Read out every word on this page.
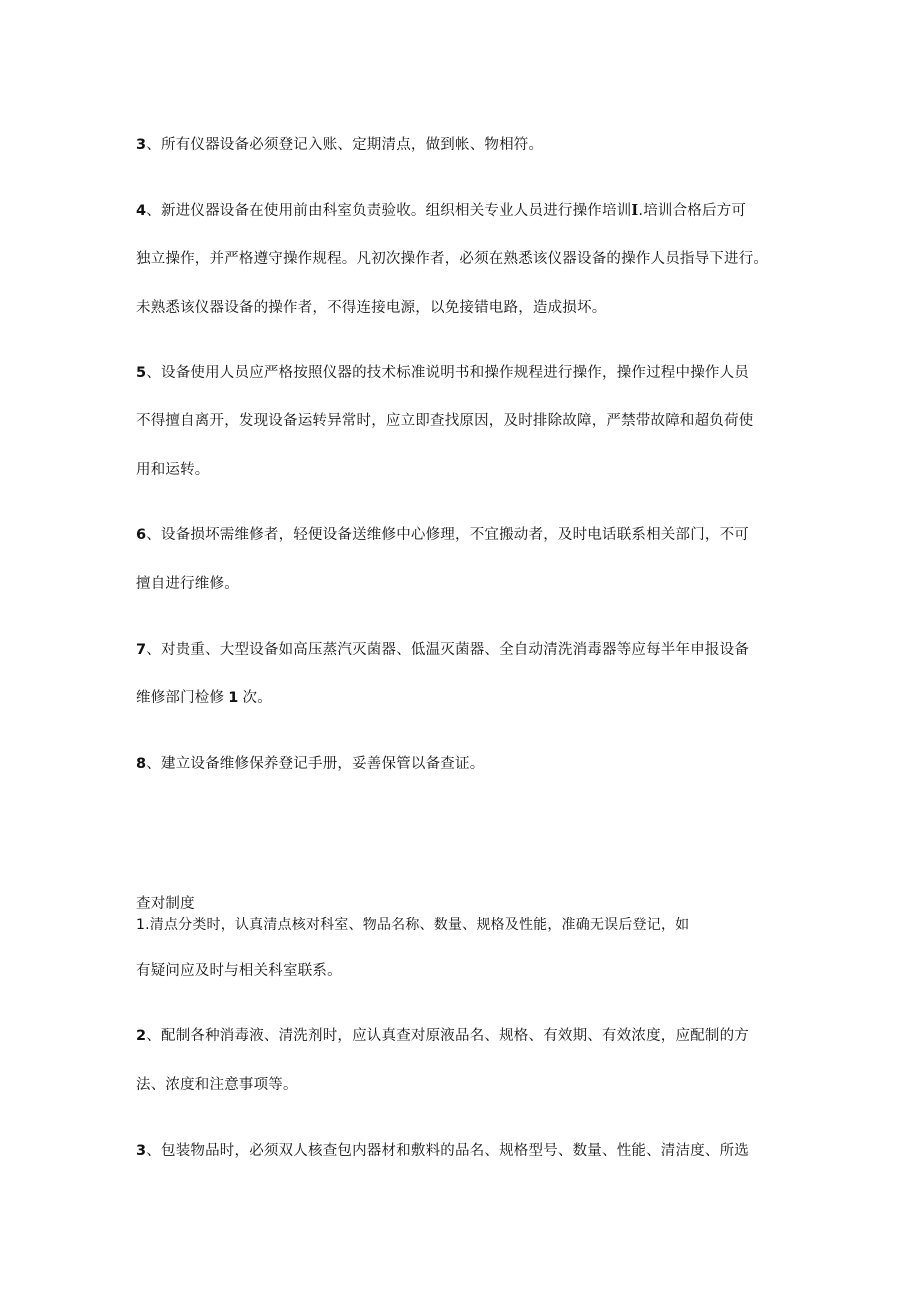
3、所有仪器设备必须登记入账、定期清点，做到帐、物相符。
4、新进仪器设备在使用前由科室负责验收。组织相关专业人员进行操作培训I.培训合格后方可
独立操作，并严格遵守操作规程。凡初次操作者，必须在熟悉该仪器设备的操作人员指导下进行。
未熟悉该仪器设备的操作者，不得连接电源，以免接错电路，造成损坏。
5、设备使用人员应严格按照仪器的技术标准说明书和操作规程进行操作，操作过程中操作人员
不得擅自离开，发现设备运转异常时，应立即查找原因，及时排除故障，严禁带故障和超负荷使
用和运转。
6、设备损坏需维修者，轻便设备送维修中心修理，不宜搬动者，及时电话联系相关部门，不可
擅自进行维修。
7、对贵重、大型设备如高压蒸汽灭菌器、低温灭菌器、全自动清洗消毒器等应每半年申报设备
维修部门检修 1 次。
8、建立设备维修保养登记手册，妥善保管以备查证。
查对制度
1.清点分类时，认真清点核对科室、物品名称、数量、规格及性能，准确无误后登记，如
有疑问应及时与相关科室联系。
2、配制各种消毒液、清洗剂时，应认真查对原液品名、规格、有效期、有效浓度，应配制的方
法、浓度和注意事项等。
3、包装物品时，必须双人核查包内器材和敷料的品名、规格型号、数量、性能、清洁度、所选
